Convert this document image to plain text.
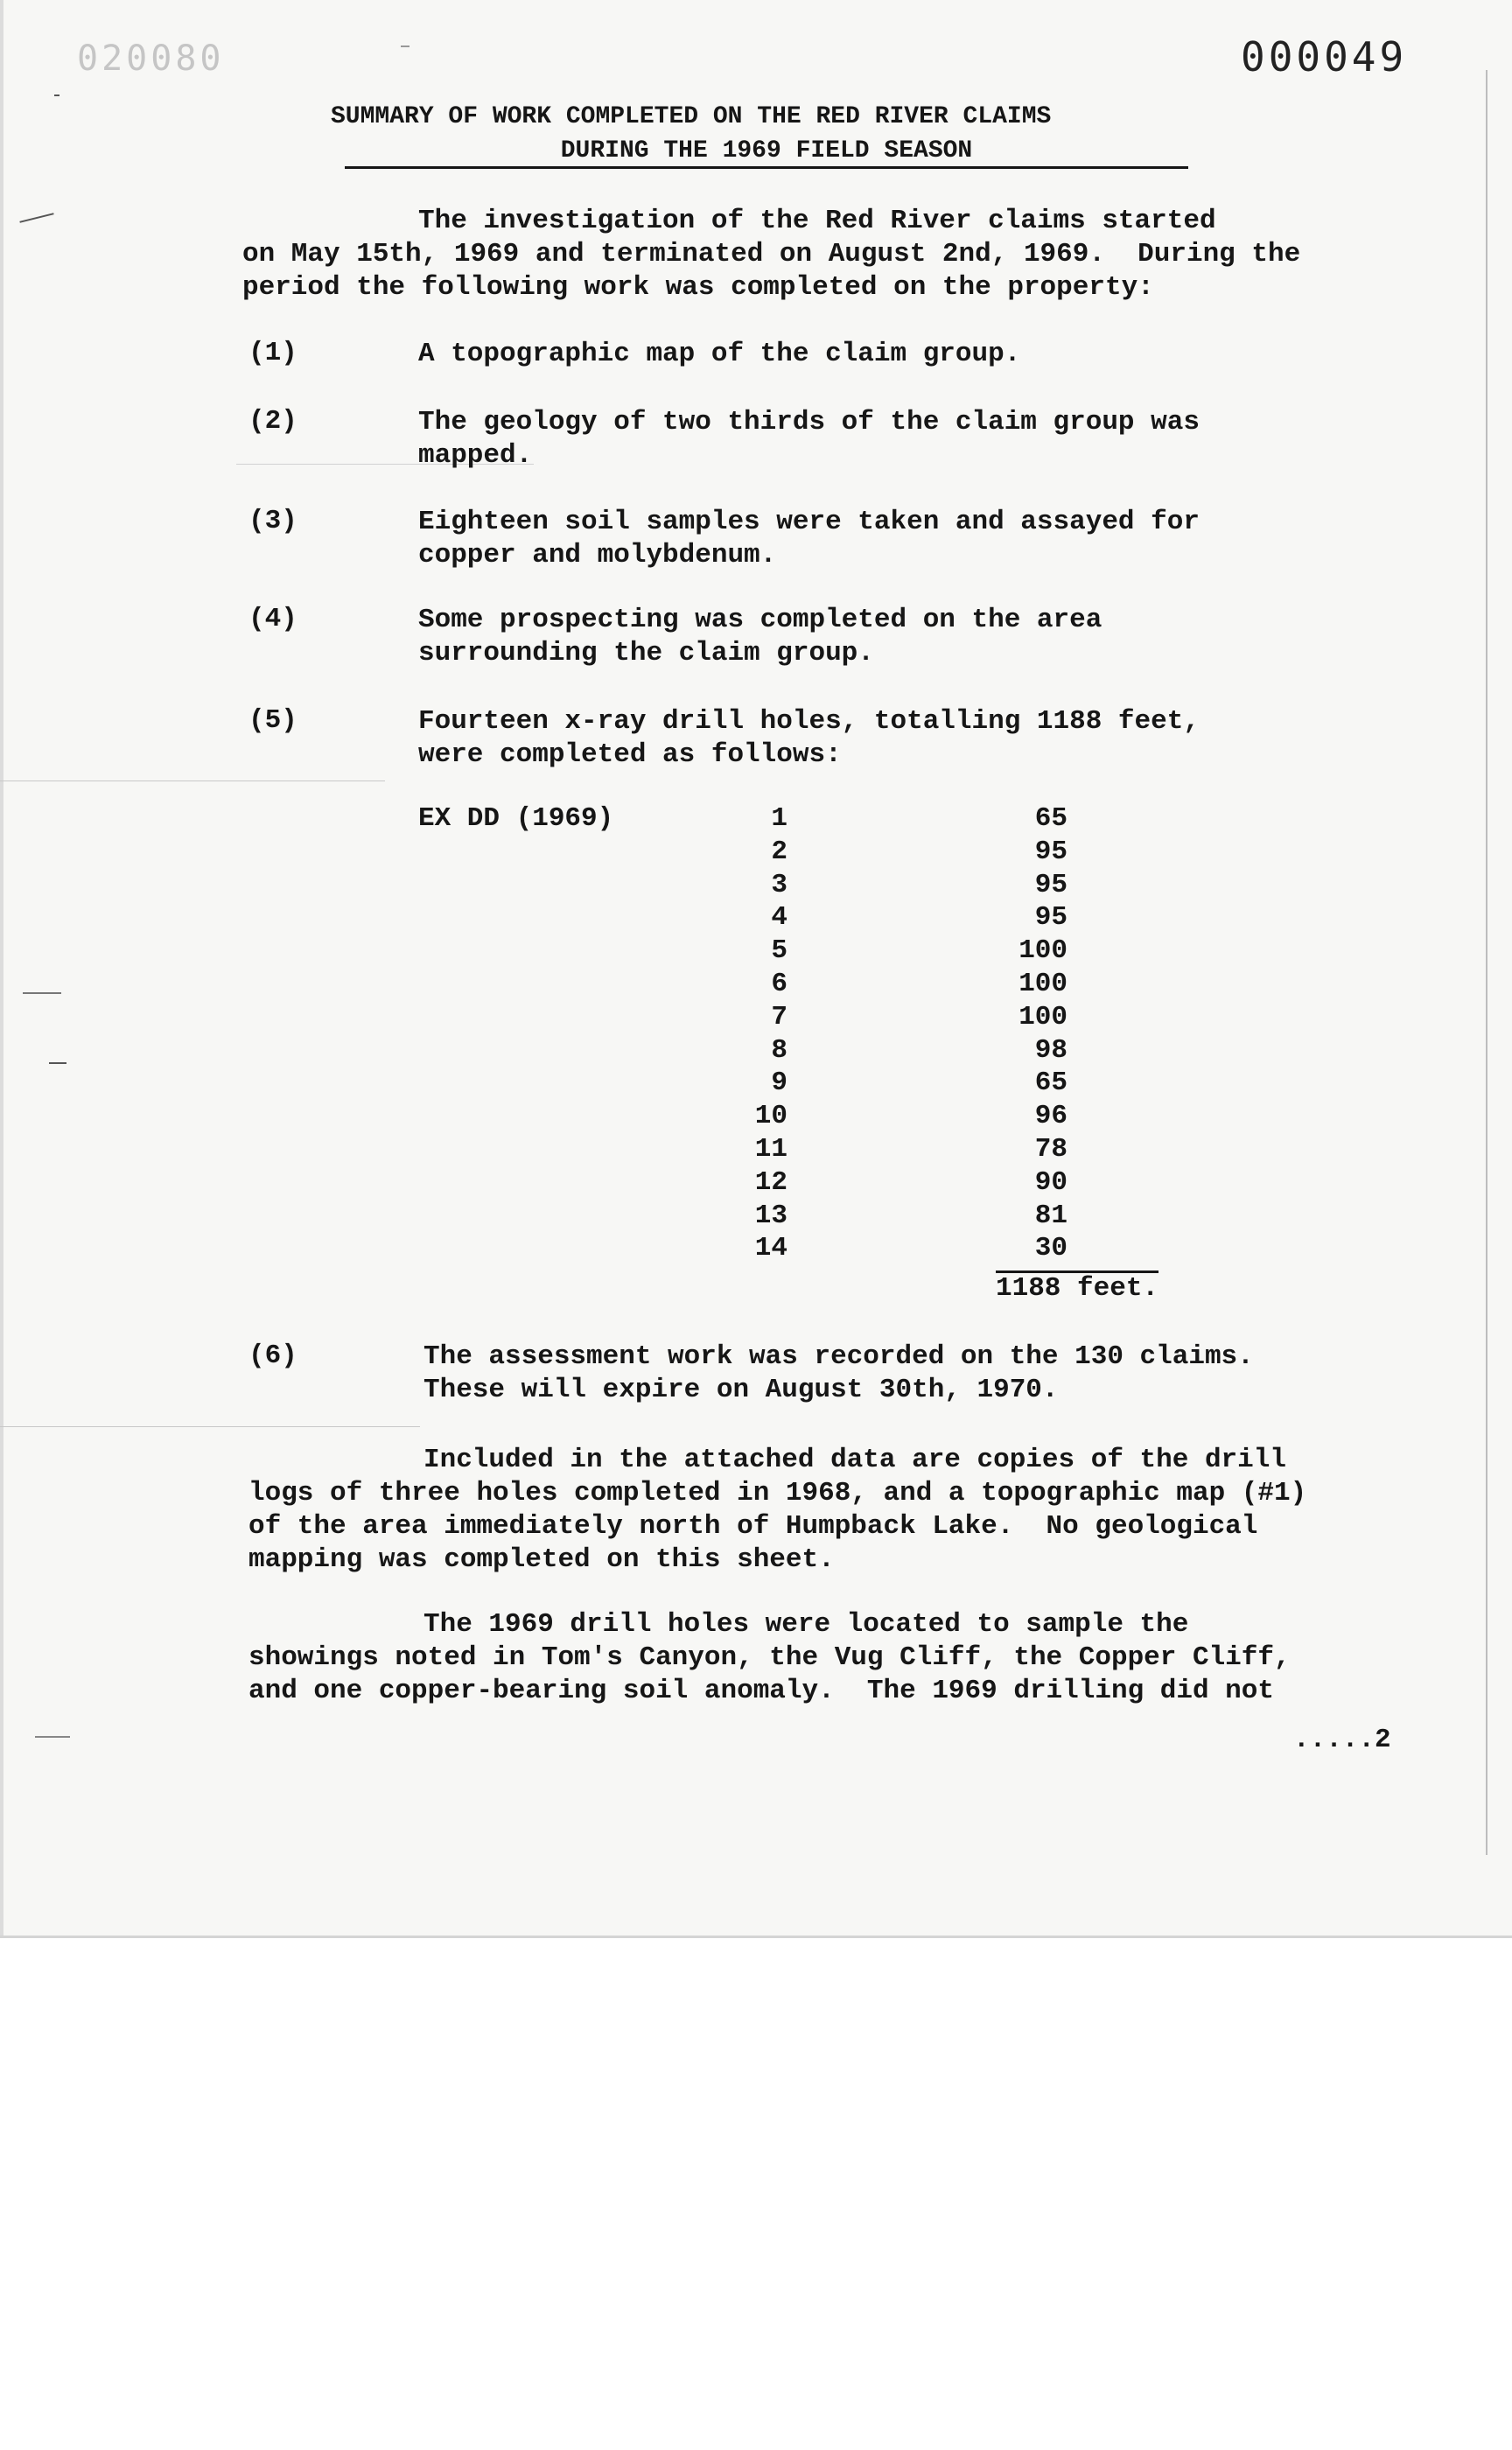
020080	000049
SUMMARY OF WORK COMPLETED ON THE RED RIVER CLAIMS
DURING THE 1969 FIELD SEASON

The investigation of the Red River claims started

on May 15th, 1969 and terminated on August 2nd, 1969.  During the

period the following work was completed on the property:

(1)	A topographic map of the claim group.

(2)	The geology of two thirds of the claim group was

mapped.

(3)	Eighteen soil samples were taken and assayed for

copper and molybdenum.

(4)	Some prospecting was completed on the area

surrounding the claim group.

(5)	Fourteen x-ray drill holes, totalling 1188 feet,

were completed as follows:

EX DD (1969)	1	65
2	95
3	95
4	95
5	100
6	100
7	100
8	98
9	65
10	96
11	78
12	90
13	81
14	30
1188 feet.
(6)	The assessment work was recorded on the 130 claims.

These will expire on August 30th, 1970.

Included in the attached data are copies of the drill

logs of three holes completed in 1968, and a topographic map (#1)

of the area immediately north of Humpback Lake.  No geological

mapping was completed on this sheet.

The 1969 drill holes were located to sample the

showings noted in Tom's Canyon, the Vug Cliff, the Copper Cliff,

and one copper-bearing soil anomaly.  The 1969 drilling did not

.....2
